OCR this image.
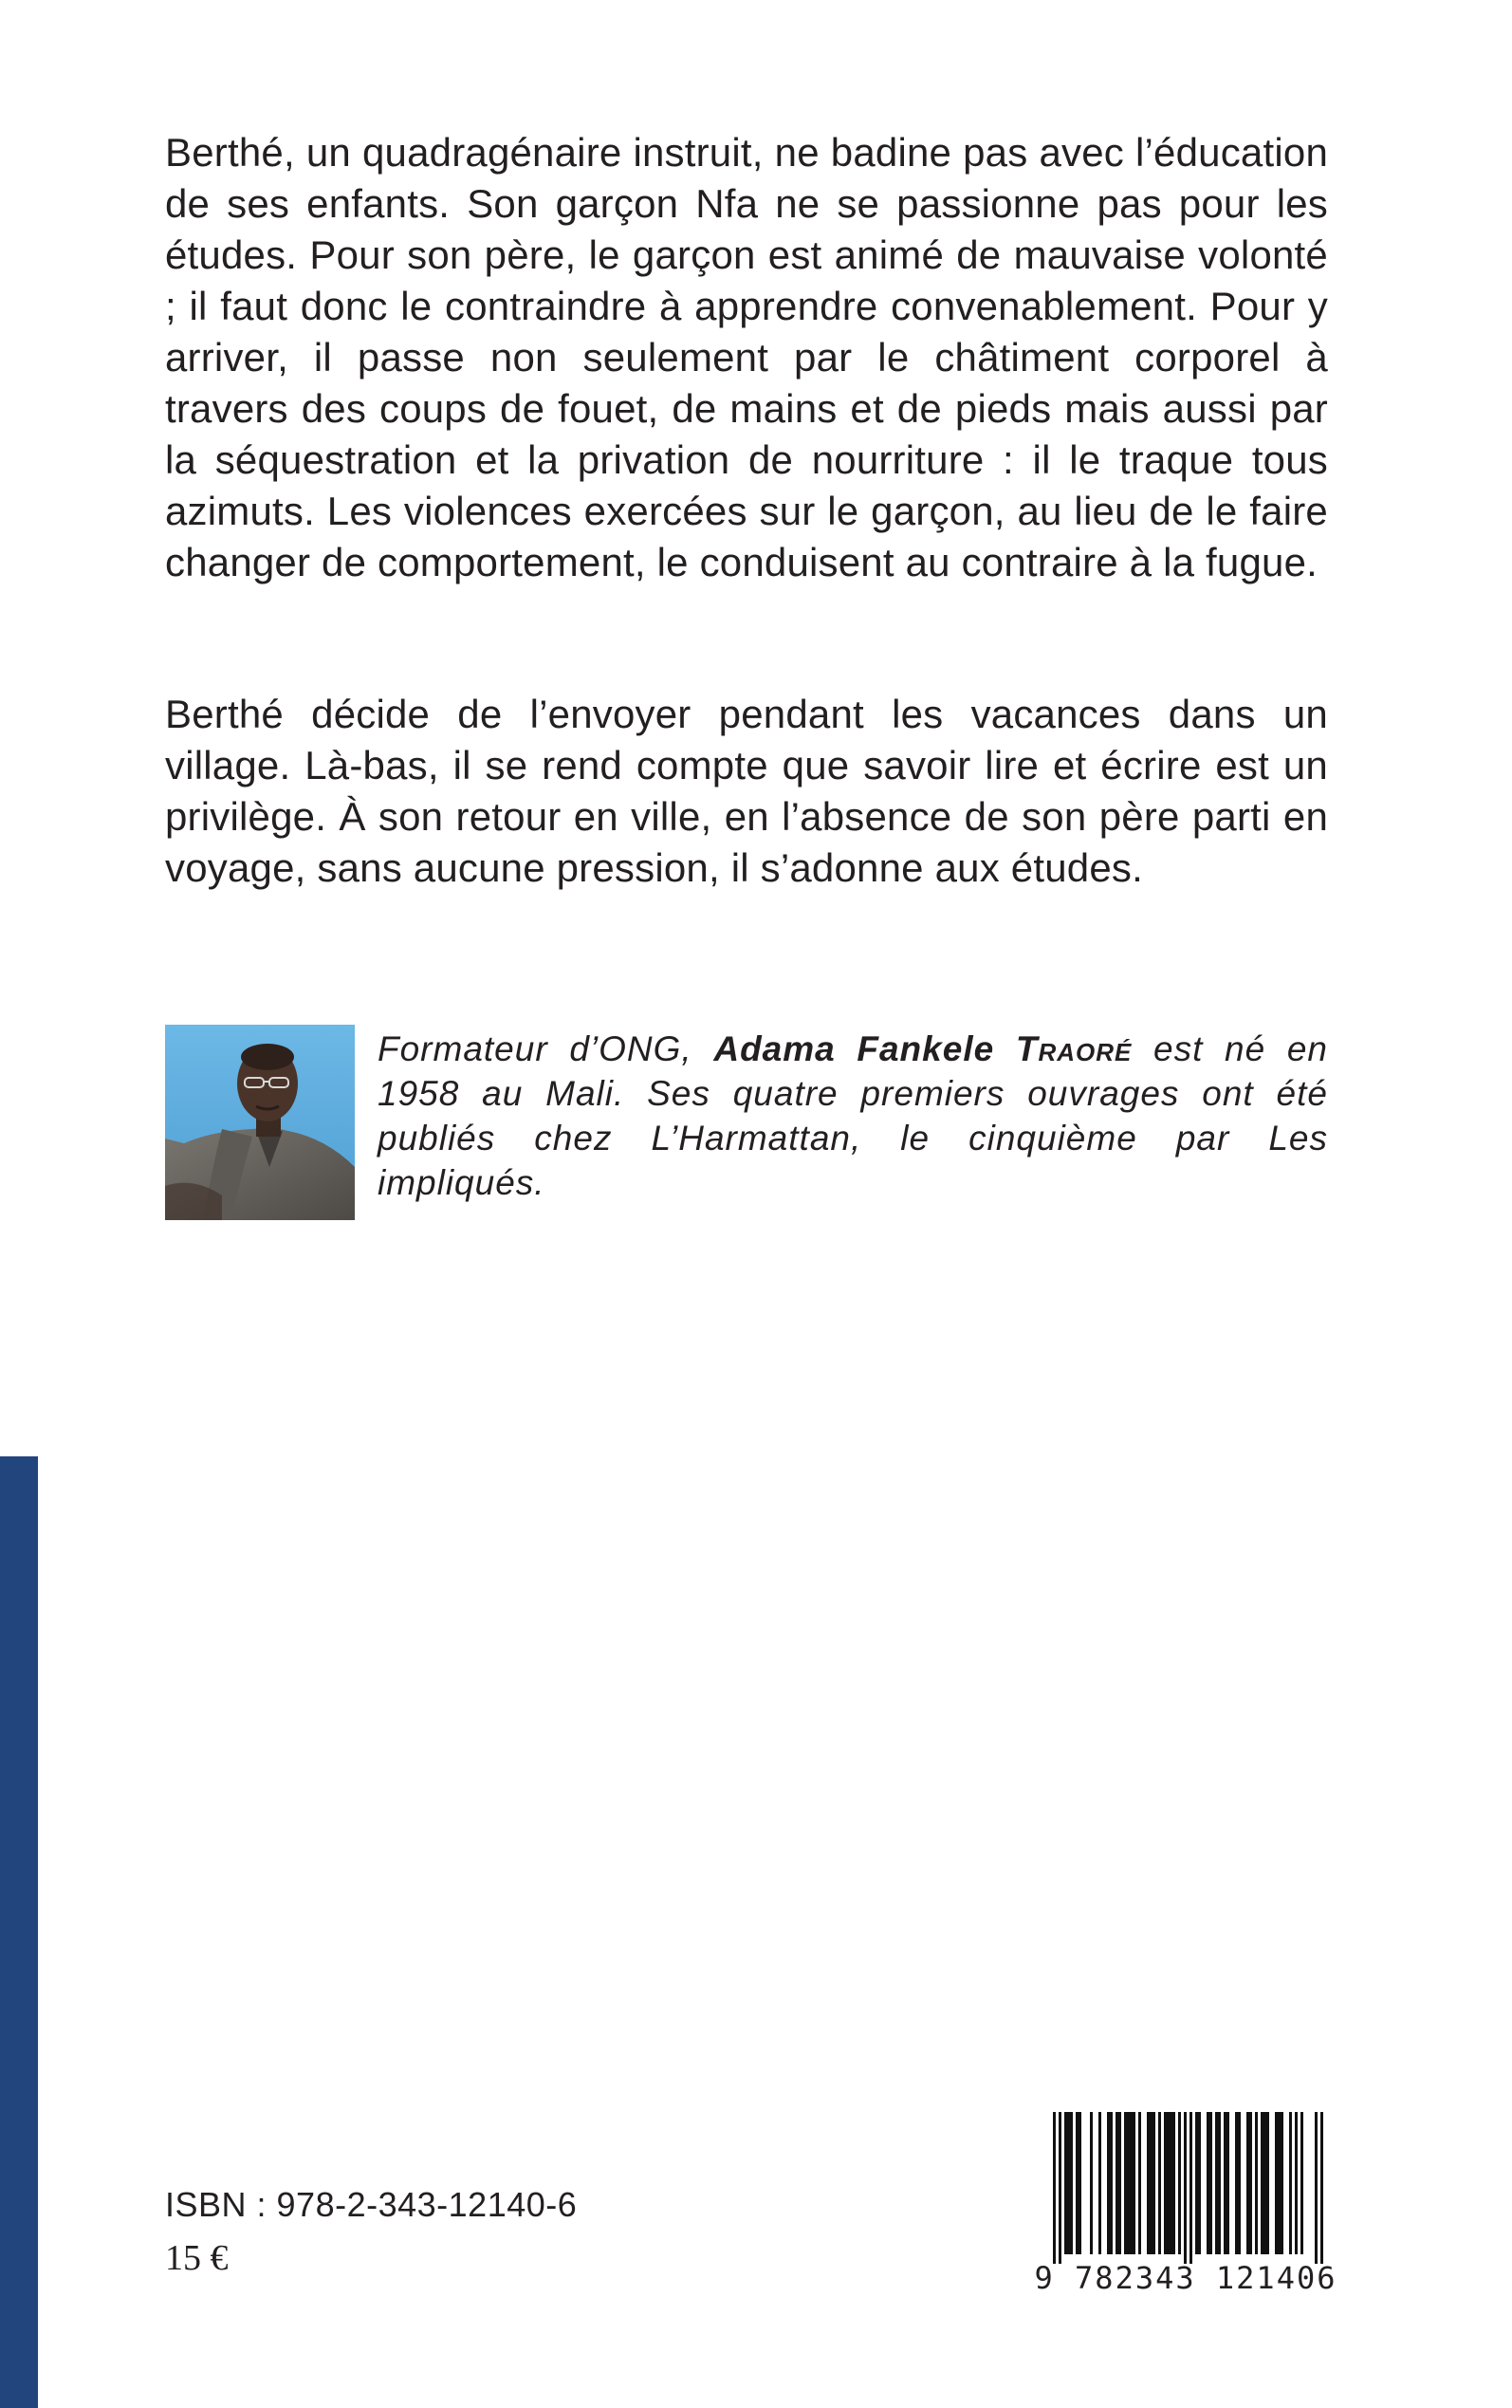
Berthé, un quadragénaire instruit, ne badine pas avec l’éducation de ses enfants. Son garçon Nfa ne se passionne pas pour les études. Pour son père, le garçon est animé de mauvaise volonté ; il faut donc le contraindre à apprendre convenablement. Pour y arriver, il passe non seulement par le châtiment corporel à travers des coups de fouet, de mains et de pieds mais aussi par la séquestration et la privation de nourriture : il le traque tous azimuts. Les violences exercées sur le garçon, au lieu de le faire changer de comportement, le conduisent au contraire à la fugue.

Berthé décide de l’envoyer pendant les vacances dans un village. Là-bas, il se rend compte que savoir lire et écrire est un privilège. À son retour en ville, en l’absence de son père parti en voyage, sans aucune pression, il s’adonne aux études.

Formateur d’ONG, Adama Fankele Traoré est né en 1958 au Mali. Ses quatre premiers ouvrages ont été publiés chez L’Harmattan, le cinquième par Les impliqués.
ISBN : 978-2-343-12140-6
15 €	9 782343 121406
